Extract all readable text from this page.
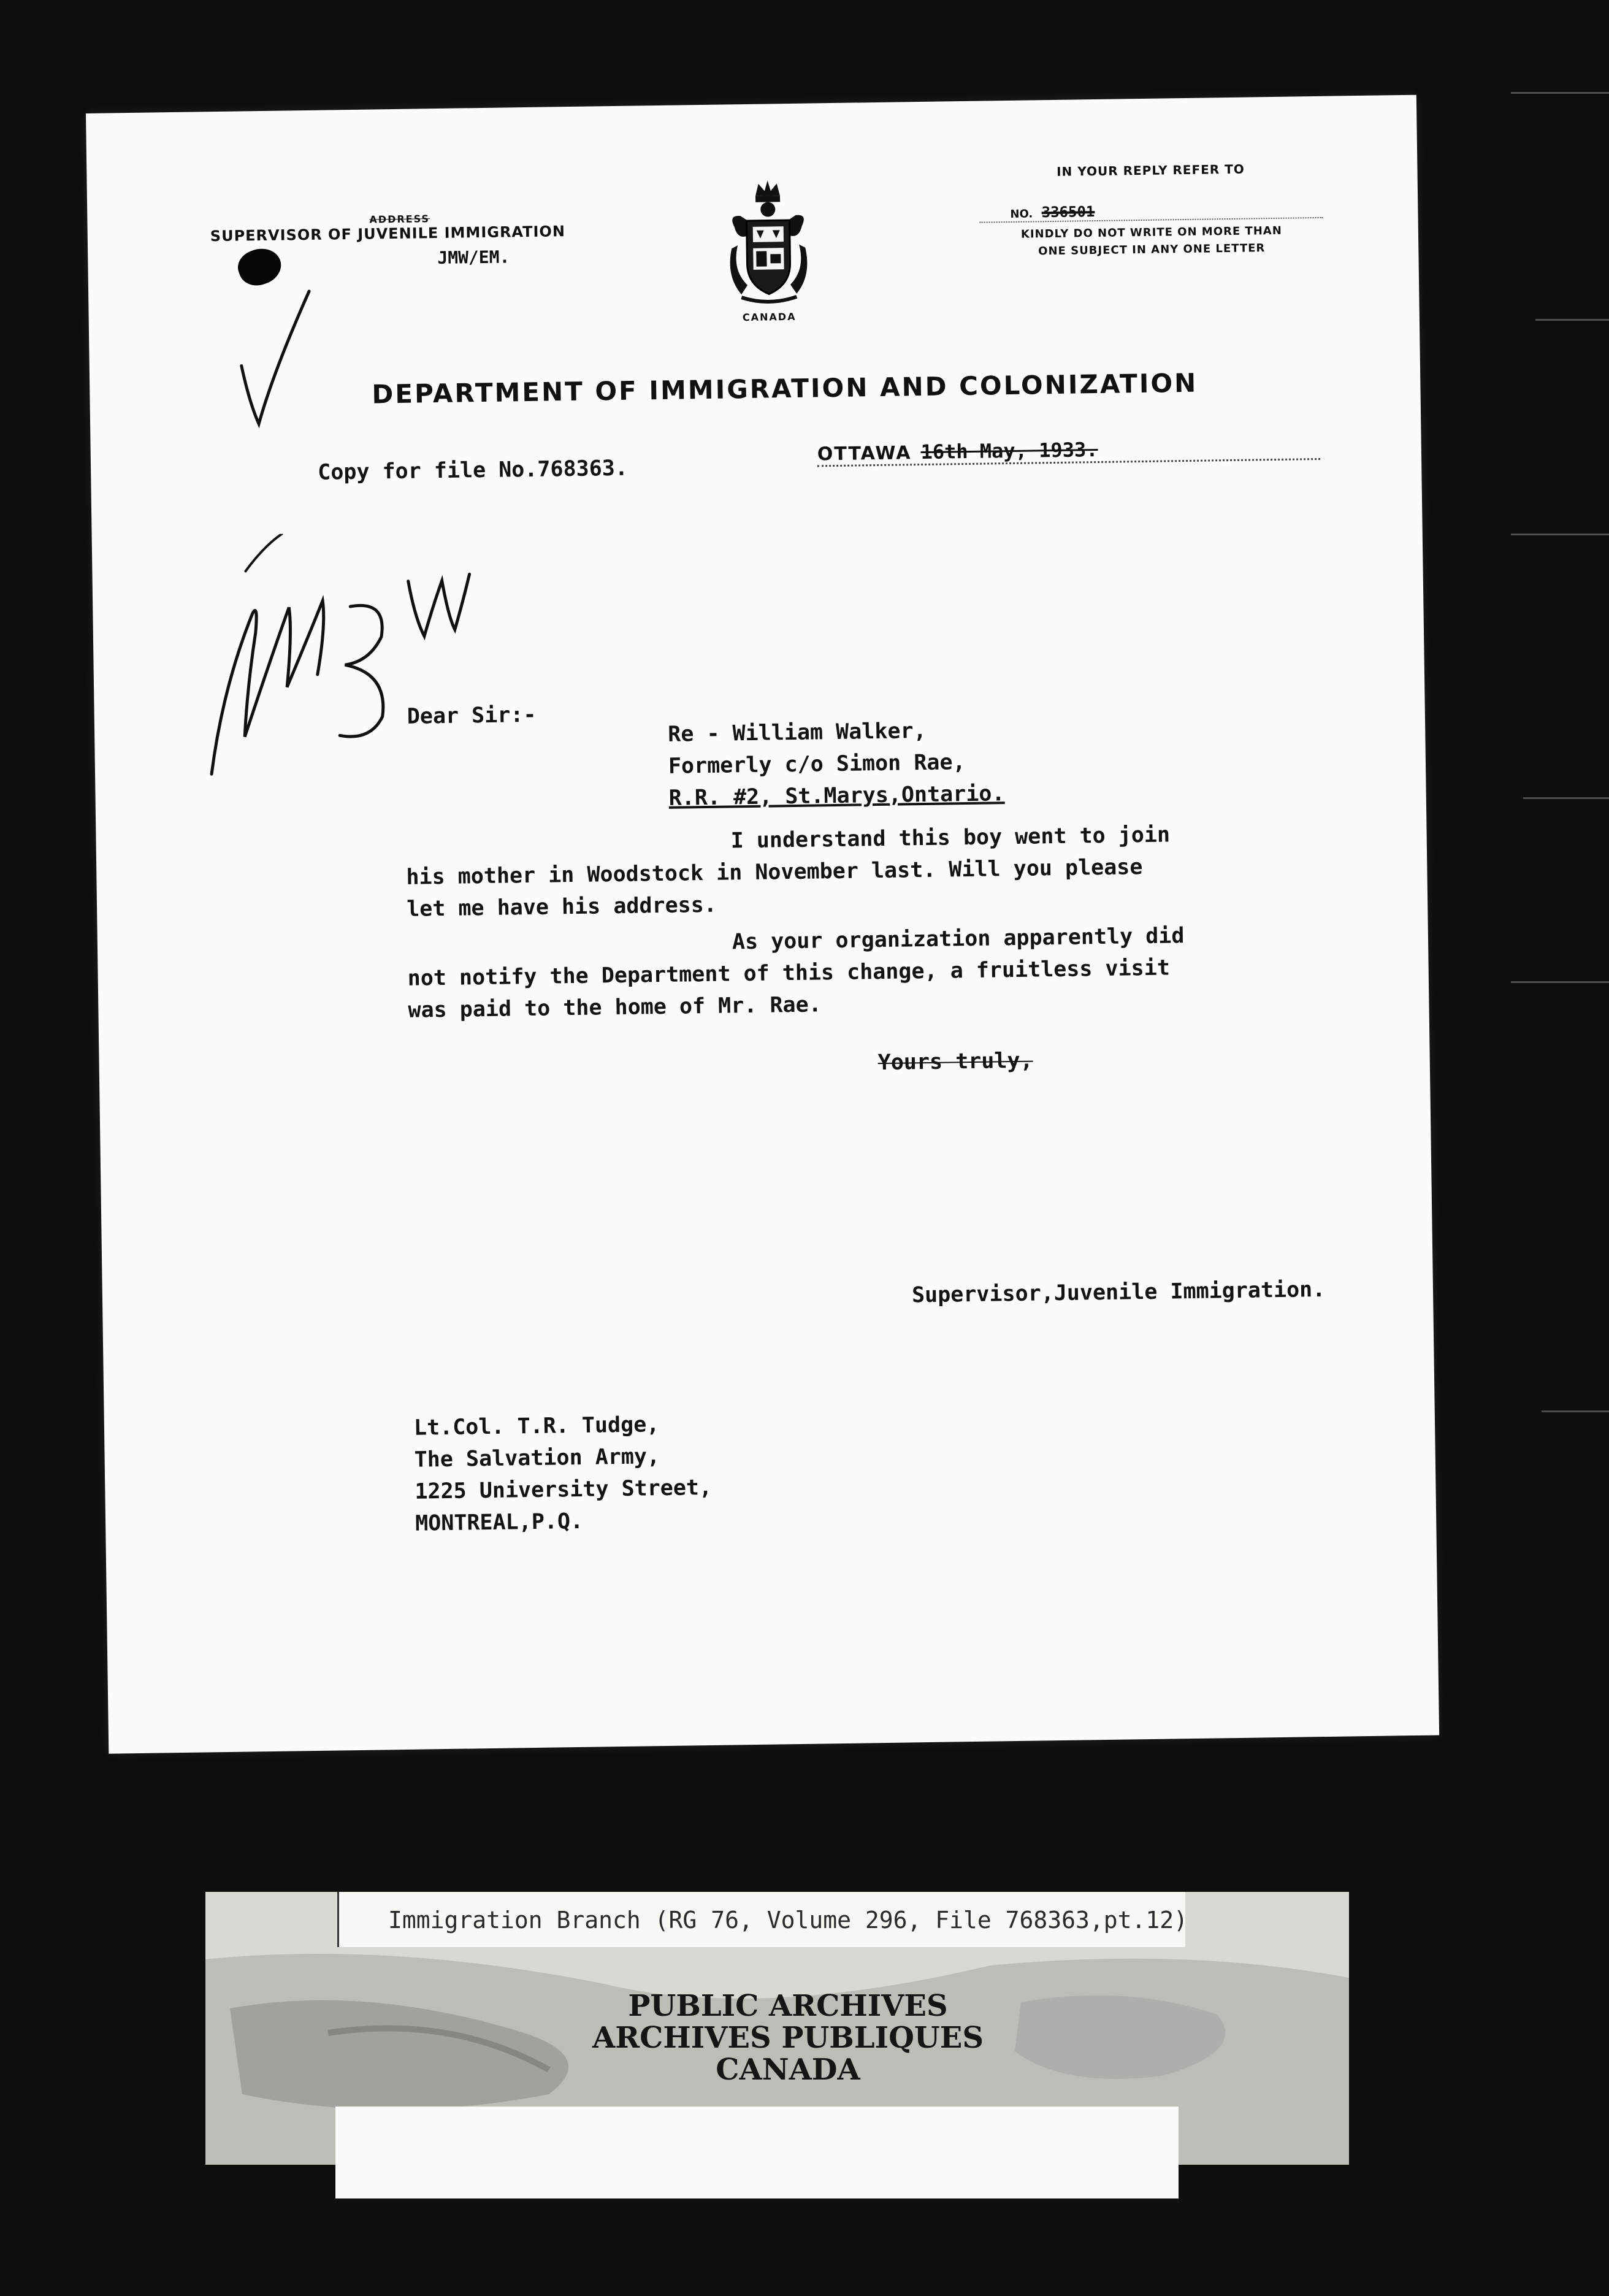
ADDRESS
SUPERVISOR OF JUVENILE IMMIGRATION
JMW/EM.
CANADA
IN YOUR REPLY REFER TO
NO. 336501
KINDLY DO NOT WRITE ON MORE THAN
ONE SUBJECT IN ANY ONE LETTER
DEPARTMENT OF IMMIGRATION AND COLONIZATION
Copy for file No.768363.
OTTAWA 16th May, 1933.
Dear Sir:-
Re - William Walker,
Formerly c/o Simon Rae,
R.R. #2, St.Marys,Ontario.
I understand this boy went to join
his mother in Woodstock in November last. Will you please
let me have his address.
As your organization apparently did
not notify the Department of this change, a fruitless visit
was paid to the home of Mr. Rae.
Yours truly,
Supervisor,Juvenile Immigration.
Lt.Col. T.R. Tudge,
The Salvation Army,
1225 University Street,
MONTREAL,P.Q.
Immigration Branch (RG 76, Volume 296, File 768363,pt.12)
PUBLIC ARCHIVES
ARCHIVES PUBLIQUES
CANADA
